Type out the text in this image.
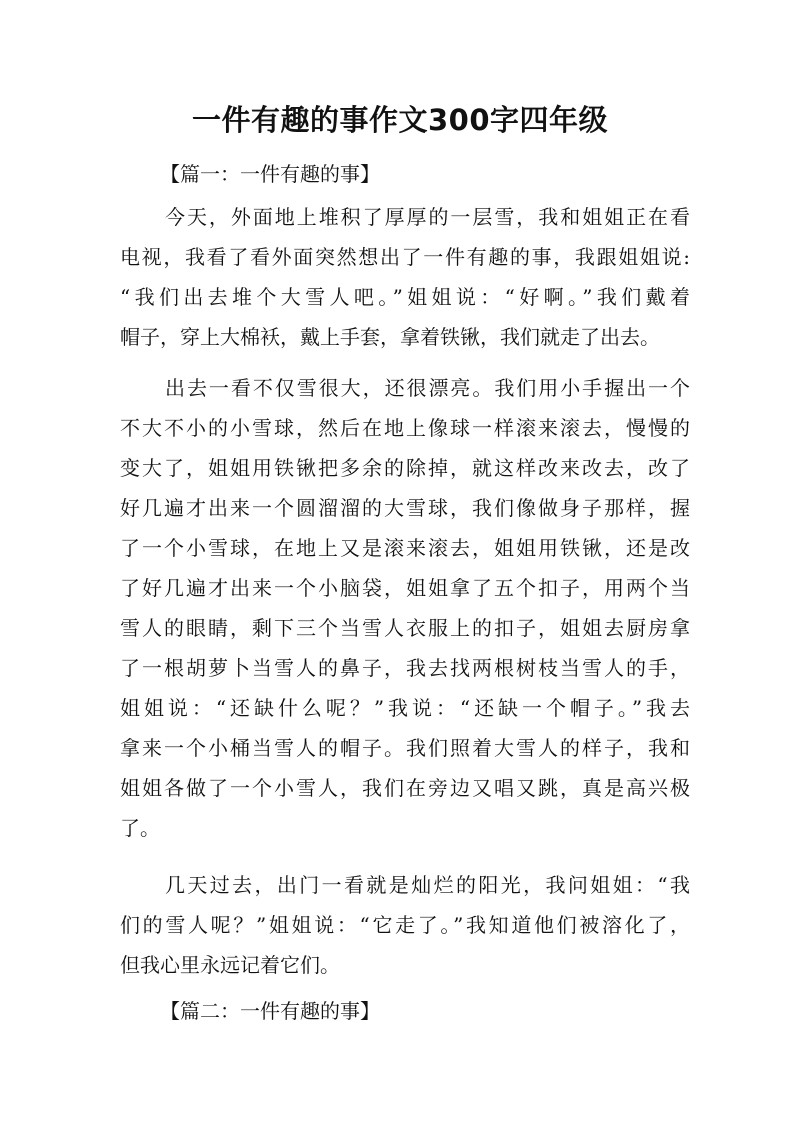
一件有趣的事作文300字四年级
【篇一：一件有趣的事】
今天，外面地上堆积了厚厚的一层雪，我和姐姐正在看
电视，我看了看外面突然想出了一件有趣的事，我跟姐姐说:
“我们出去堆个大雪人吧。”姐姐说：“好啊。”我们戴着
帽子，穿上大棉袄，戴上手套，拿着铁锹，我们就走了出去。
出去一看不仅雪很大，还很漂亮。我们用小手握出一个
不大不小的小雪球，然后在地上像球一样滚来滚去，慢慢的
变大了，姐姐用铁锹把多余的除掉，就这样改来改去，改了
好几遍才出来一个圆溜溜的大雪球，我们像做身子那样，握
了一个小雪球，在地上又是滚来滚去，姐姐用铁锹，还是改
了好几遍才出来一个小脑袋，姐姐拿了五个扣子，用两个当
雪人的眼睛，剩下三个当雪人衣服上的扣子，姐姐去厨房拿
了一根胡萝卜当雪人的鼻子，我去找两根树枝当雪人的手，
姐姐说：“还缺什么呢？”我说：“还缺一个帽子。”我去
拿来一个小桶当雪人的帽子。我们照着大雪人的样子，我和
姐姐各做了一个小雪人，我们在旁边又唱又跳，真是高兴极
了。
几天过去，出门一看就是灿烂的阳光，我问姐姐：“我
们的雪人呢？”姐姐说：“它走了。”我知道他们被溶化了，
但我心里永远记着它们。
【篇二：一件有趣的事】
